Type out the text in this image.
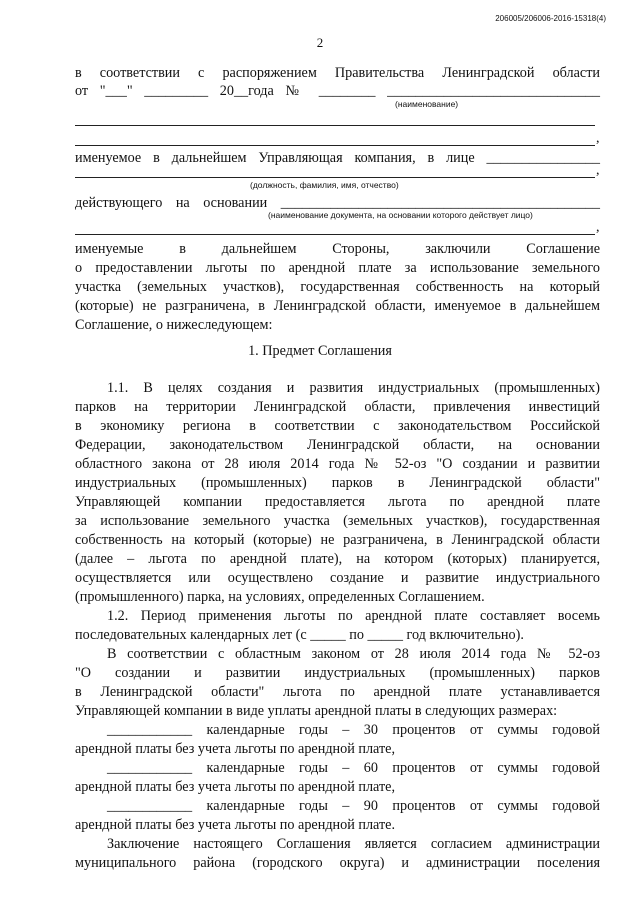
206005/206006-2016-15318(4)
2
в соответствии с распоряжением Правительства Ленинградской области
от "___" _________ 20__года № ________ ______________________________
(наименование)
,
именуемое в дальнейшем Управляющая компания, в лице ________________
,
(должность, фамилия, имя, отчество)
действующего на основании _____________________________________________
(наименование документа, на основании которого действует лицо)
,
именуемые в дальнейшем Стороны, заключили Соглашение
о предоставлении льготы по арендной плате за использование земельного
участка (земельных участков), государственная собственность на который
(которые) не разграничена, в Ленинградской области, именуемое в дальнейшем
Соглашение, о нижеследующем:
1. Предмет Соглашения
1.1. В целях создания и развития индустриальных (промышленных)
парков на территории Ленинградской области, привлечения инвестиций
в экономику региона в соответствии с законодательством Российской
Федерации, законодательством Ленинградской области, на основании
областного закона от 28 июля 2014 года № 52-оз "О создании и развитии
индустриальных (промышленных) парков в Ленинградской области"
Управляющей компании предоставляется льгота по арендной плате
за использование земельного участка (земельных участков), государственная
собственность на который (которые) не разграничена, в Ленинградской области
(далее – льгота по арендной плате), на котором (которых) планируется,
осуществляется или осуществлено создание и развитие индустриального
(промышленного) парка, на условиях, определенных Соглашением.
1.2. Период применения льготы по арендной плате составляет восемь
последовательных календарных лет (с _____ по _____ год включительно).
В соответствии с областным законом от 28 июля 2014 года № 52-оз
"О создании и развитии индустриальных (промышленных) парков
в Ленинградской области" льгота по арендной плате устанавливается
Управляющей компании в виде уплаты арендной платы в следующих размерах:
____________ календарные годы – 30 процентов от суммы годовой
арендной платы без учета льготы по арендной плате,
____________ календарные годы – 60 процентов от суммы годовой
арендной платы без учета льготы по арендной плате,
____________ календарные годы – 90 процентов от суммы годовой
арендной платы без учета льготы по арендной плате.
Заключение настоящего Соглашения является согласием администрации
муниципального района (городского округа) и администрации поселения
